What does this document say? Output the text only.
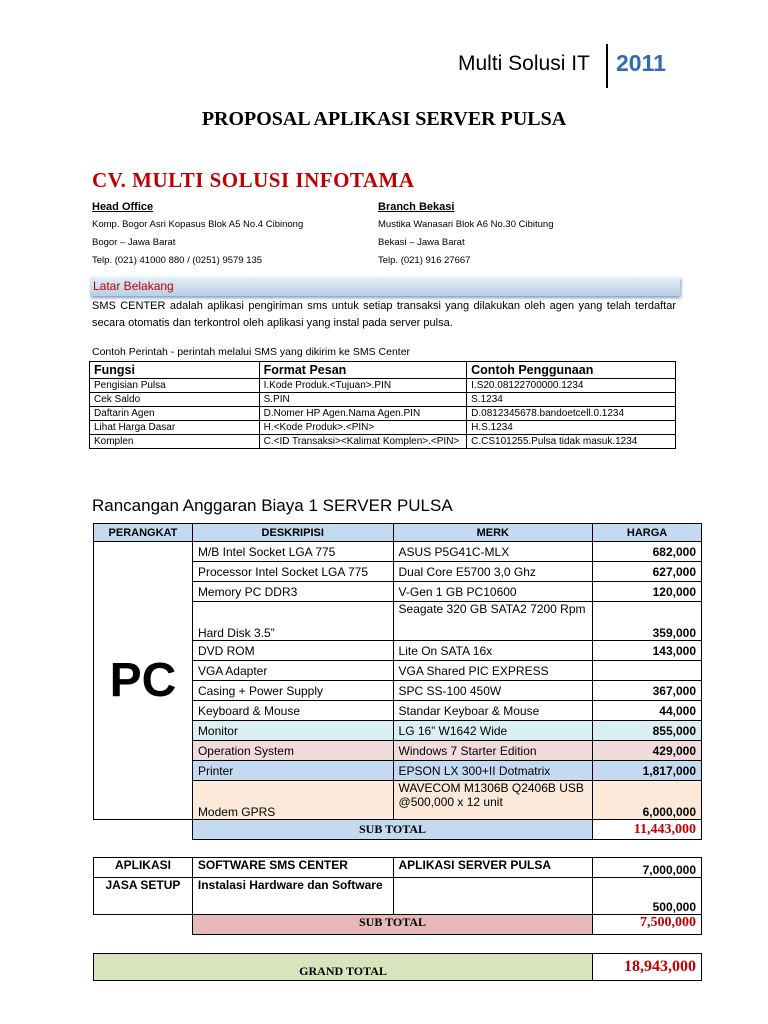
Multi Solusi IT 2011
PROPOSAL APLIKASI SERVER PULSA
CV. MULTI SOLUSI INFOTAMA
Head Office
Komp. Bogor Asri Kopasus Blok A5 No.4 Cibinong
Bogor – Jawa Barat
Telp. (021) 41000 880 / (0251) 9579 135
Branch Bekasi
Mustika Wanasari Blok A6 No.30 Cibitung
Bekasi – Jawa Barat
Telp. (021) 916 27667
Latar Belakang
SMS CENTER adalah aplikasi pengiriman sms untuk setiap transaksi yang dilakukan oleh agen yang telah terdaftar secara otomatis dan terkontrol oleh aplikasi yang instal pada server pulsa.
Contoh Perintah - perintah melalui SMS yang dikirim ke SMS Center
Fungsi	Format Pesan	Contoh Penggunaan
Pengisian Pulsa	I.Kode Produk.<Tujuan>.PIN	I.S20.08122700000.1234
Cek Saldo	S.PIN	S.1234
Daftarin Agen	D.Nomer HP Agen.Nama Agen.PIN	D.0812345678.bandoetcell.0.1234
Lihat Harga Dasar	H.<Kode Produk>.<PIN>	H.S.1234
Komplen	C.<ID Transaksi><Kalimat Komplen>.<PIN>	C.CS101255.Pulsa tidak masuk.1234
Rancangan Anggaran Biaya 1 SERVER PULSA
PERANGKAT	DESKRIPISI	MERK	HARGA
PC	M/B Intel Socket LGA 775	ASUS P5G41C-MLX	682,000
	Processor Intel Socket LGA 775	Dual Core E5700 3,0 Ghz	627,000
	Memory PC DDR3	V-Gen 1 GB PC10600	120,000
	Hard Disk 3.5”	Seagate 320 GB SATA2 7200 Rpm	359,000
	DVD ROM	Lite On SATA 16x	143,000
	VGA Adapter	VGA Shared PIC EXPRESS	
	Casing + Power Supply	SPC SS-100 450W	367,000
	Keyboard & Mouse	Standar Keyboar & Mouse	44,000
	Monitor	LG 16” W1642 Wide	855,000
	Operation System	Windows 7 Starter Edition	429,000
	Printer	EPSON LX 300+II Dotmatrix	1,817,000
	Modem GPRS	WAVECOM M1306B Q2406B USB @500,000 x 12 unit	6,000,000
	SUB TOTAL		11,443,000
APLIKASI	SOFTWARE SMS CENTER	APLIKASI SERVER PULSA	7,000,000
JASA SETUP	Instalasi Hardware dan Software		500,000
	SUB TOTAL		7,500,000
GRAND TOTAL	18,943,000
